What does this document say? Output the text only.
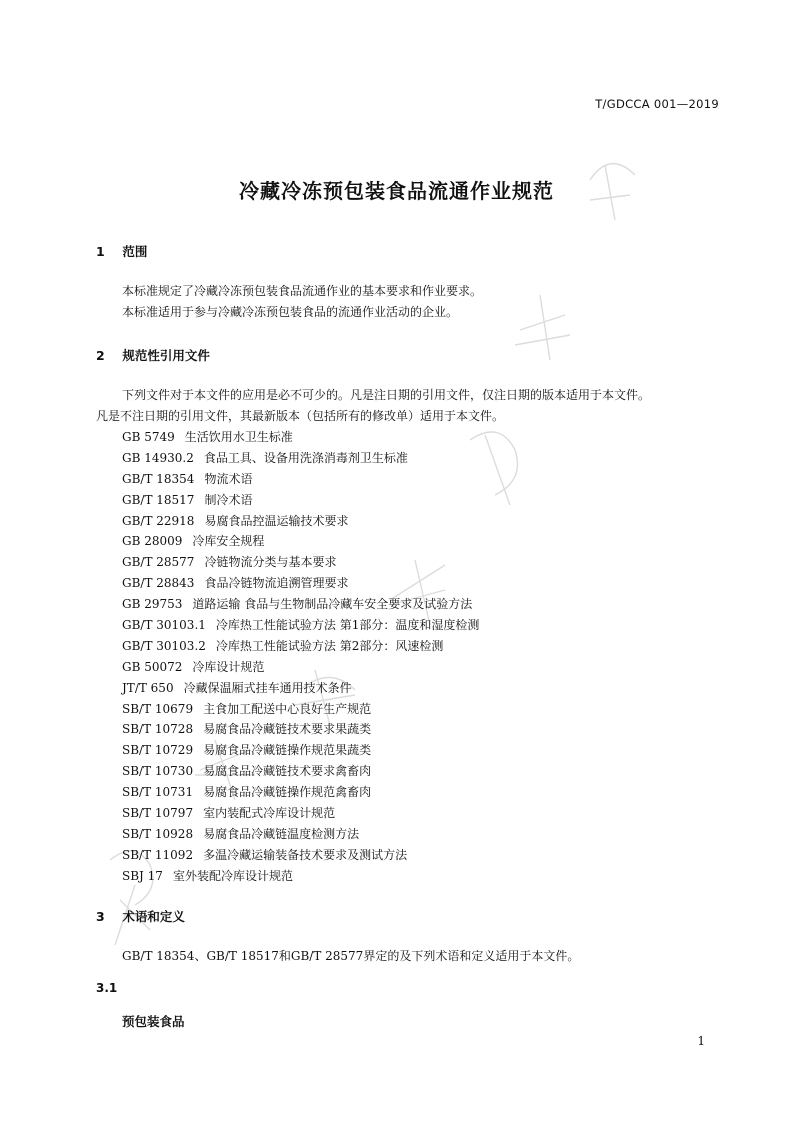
T/GDCCA 001—2019
冷藏冷冻预包装食品流通作业规范
1 范围
本标准规定了冷藏冷冻预包装食品流通作业的基本要求和作业要求。
本标准适用于参与冷藏冷冻预包装食品的流通作业活动的企业。
2 规范性引用文件
下列文件对于本文件的应用是必不可少的。凡是注日期的引用文件，仅注日期的版本适用于本文件。
凡是不注日期的引用文件，其最新版本（包括所有的修改单）适用于本文件。
GB 5749 生活饮用水卫生标准
GB 14930.2 食品工具、设备用洗涤消毒剂卫生标准
GB/T 18354 物流术语
GB/T 18517 制冷术语
GB/T 22918 易腐食品控温运输技术要求
GB 28009 冷库安全规程
GB/T 28577 冷链物流分类与基本要求
GB/T 28843 食品冷链物流追溯管理要求
GB 29753 道路运输 食品与生物制品冷藏车安全要求及试验方法
GB/T 30103.1 冷库热工性能试验方法 第1部分：温度和湿度检测
GB/T 30103.2 冷库热工性能试验方法 第2部分：风速检测
GB 50072 冷库设计规范
JT/T 650 冷藏保温厢式挂车通用技术条件
SB/T 10679 主食加工配送中心良好生产规范
SB/T 10728 易腐食品冷藏链技术要求果蔬类
SB/T 10729 易腐食品冷藏链操作规范果蔬类
SB/T 10730 易腐食品冷藏链技术要求禽畜肉
SB/T 10731 易腐食品冷藏链操作规范禽畜肉
SB/T 10797 室内装配式冷库设计规范
SB/T 10928 易腐食品冷藏链温度检测方法
SB/T 11092 多温冷藏运输装备技术要求及测试方法
SBJ 17 室外装配冷库设计规范
3 术语和定义
GB/T 18354、GB/T 18517和GB/T 28577界定的及下列术语和定义适用于本文件。
3.1
预包装食品
1
